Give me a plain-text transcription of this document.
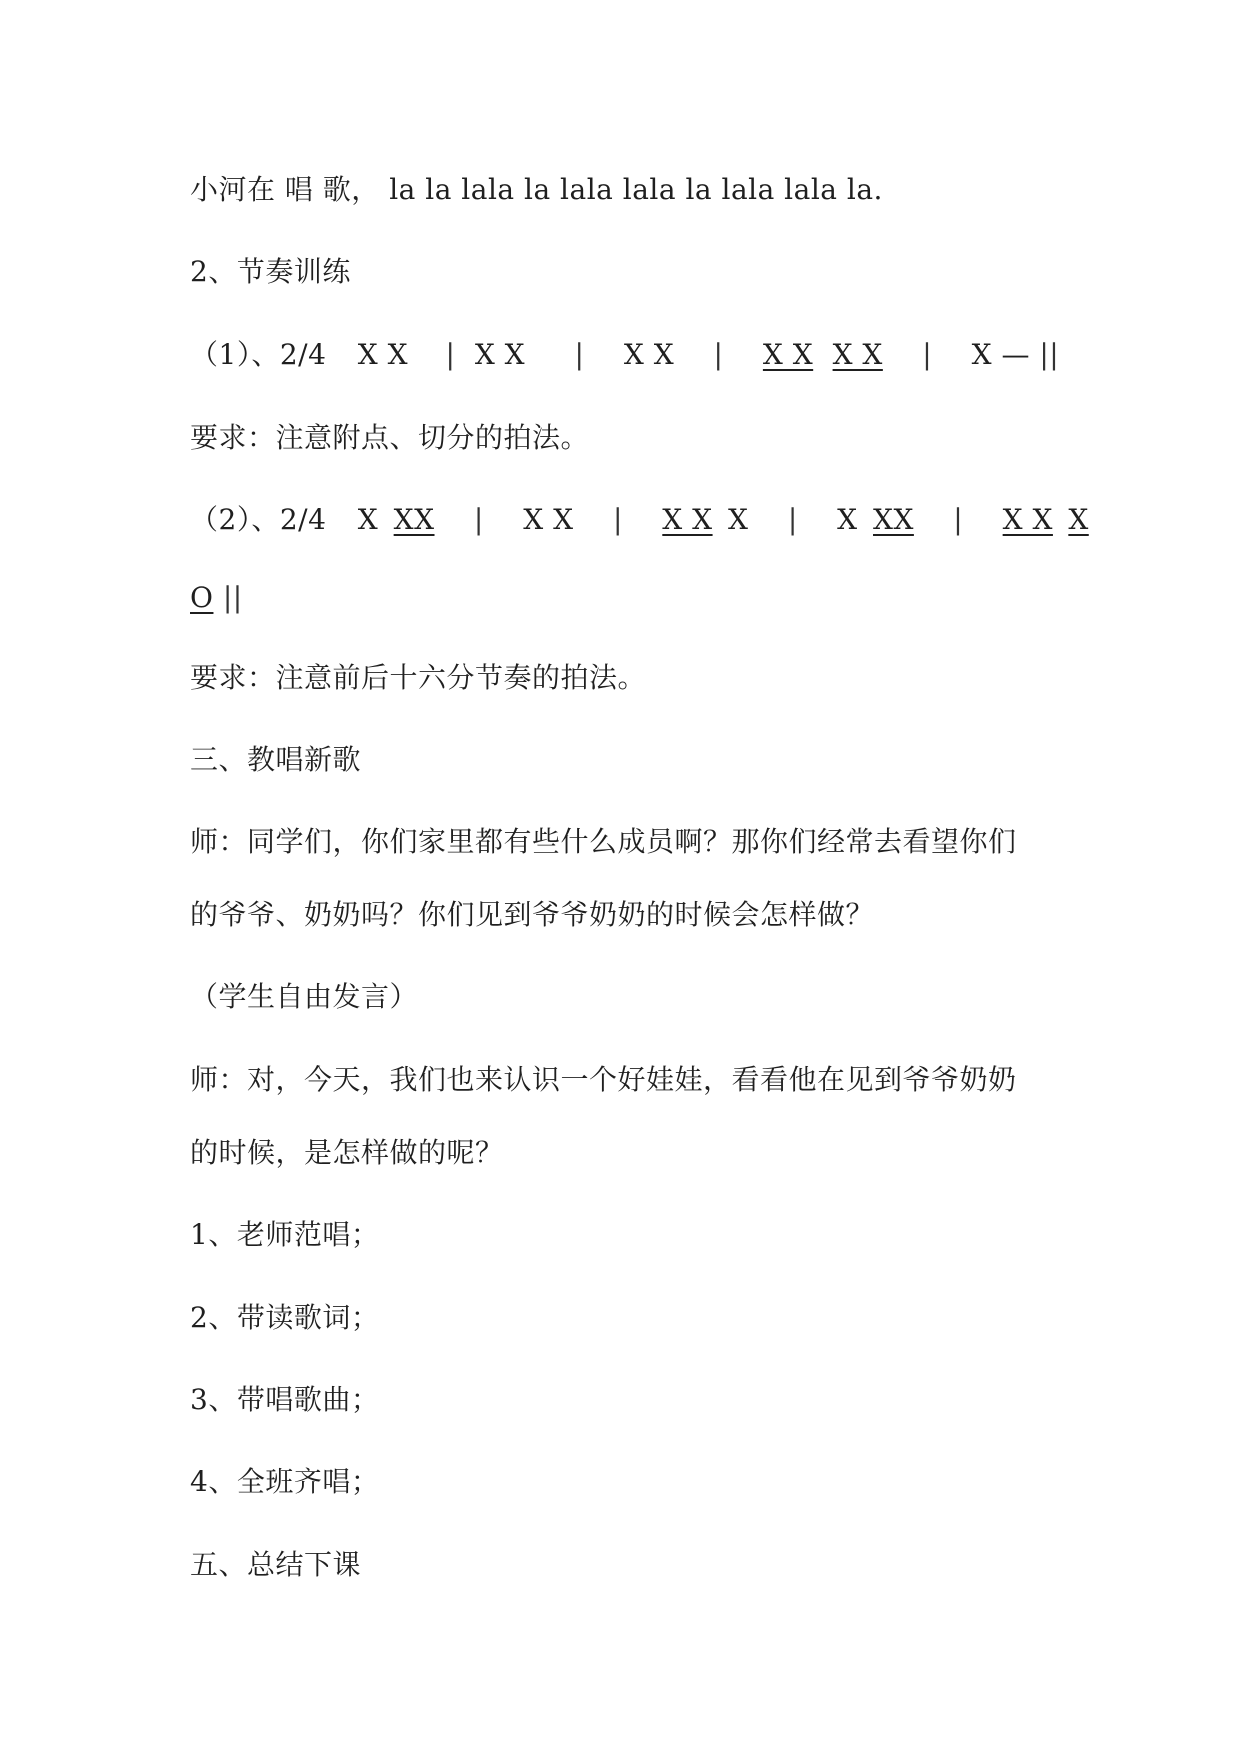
小河在 唱 歌， la la lala la lala lala la lala lala la.
2、节奏训练
（1）、2/4 X X | X X | X X | X X X X | X — ||
要求：注意附点、切分的拍法。
（2）、2/4 X XX | X X | X X X | X XX | X X X
O ||
要求：注意前后十六分节奏的拍法。
三、教唱新歌
师：同学们，你们家里都有些什么成员啊？那你们经常去看望你们
的爷爷、奶奶吗？你们见到爷爷奶奶的时候会怎样做？
（学生自由发言）
师：对，今天，我们也来认识一个好娃娃，看看他在见到爷爷奶奶
的时候，是怎样做的呢？
1、老师范唱；
2、带读歌词；
3、带唱歌曲；
4、全班齐唱；
五、总结下课
